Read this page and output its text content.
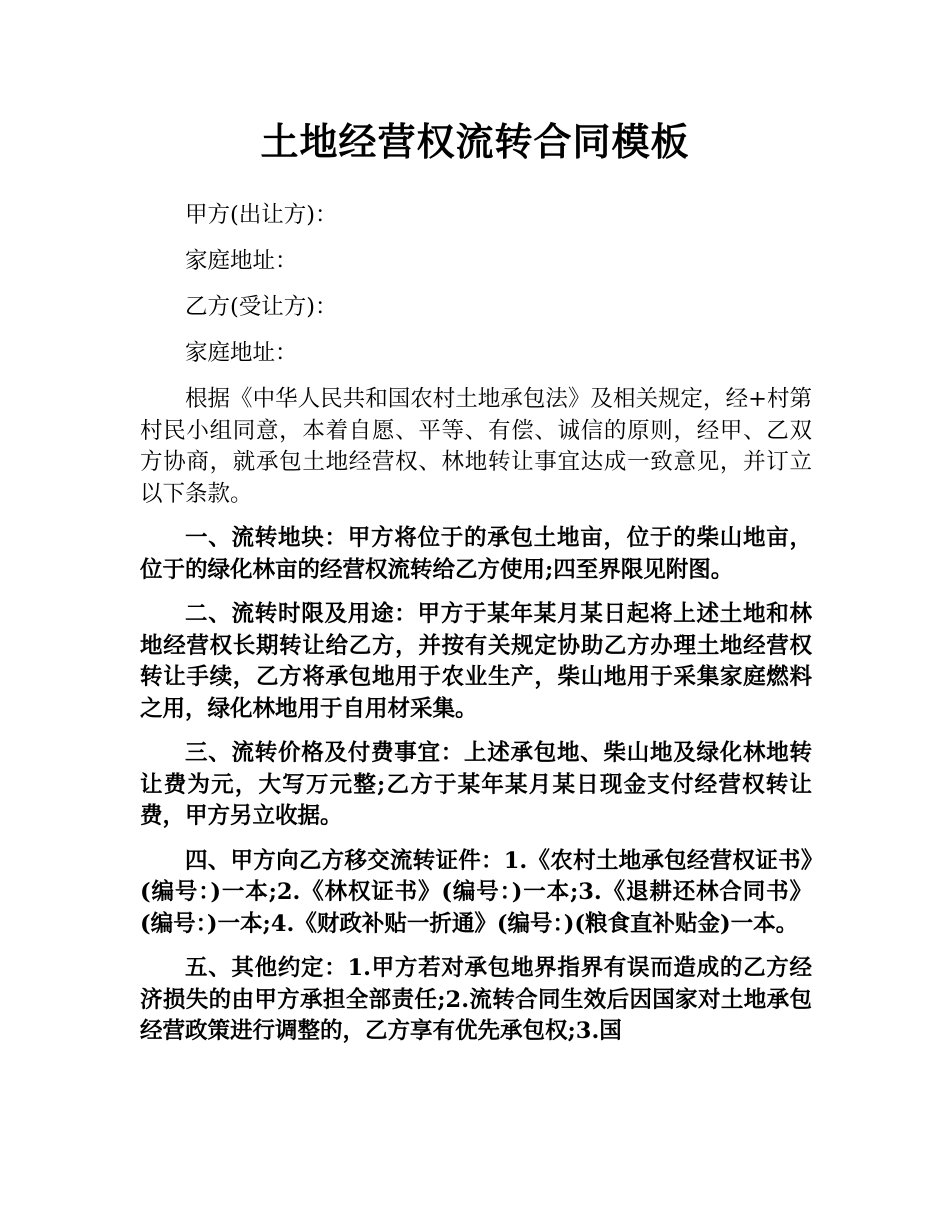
土地经营权流转合同模板

甲方(出让方)：

家庭地址：

乙方(受让方)：

家庭地址：

根据《中华人民共和国农村土地承包法》及相关规定，经+村第村民小组同意，本着自愿、平等、有偿、诚信的原则，经甲、乙双方协商，就承包土地经营权、林地转让事宜达成一致意见，并订立以下条款。

一、流转地块：甲方将位于的承包土地亩，位于的柴山地亩，位于的绿化林亩的经营权流转给乙方使用;四至界限见附图。

二、流转时限及用途：甲方于某年某月某日起将上述土地和林地经营权长期转让给乙方，并按有关规定协助乙方办理土地经营权转让手续，乙方将承包地用于农业生产，柴山地用于采集家庭燃料之用，绿化林地用于自用材采集。

三、流转价格及付费事宜：上述承包地、柴山地及绿化林地转让费为元，大写万元整;乙方于某年某月某日现金支付经营权转让费，甲方另立收据。

四、甲方向乙方移交流转证件：1.《农村土地承包经营权证书》(编号：)一本;2.《林权证书》(编号：)一本;3.《退耕还林合同书》(编号：)一本;4.《财政补贴一折通》(编号：)(粮食直补贴金)一本。

五、其他约定：1.甲方若对承包地界指界有误而造成的乙方经济损失的由甲方承担全部责任;2.流转合同生效后因国家对土地承包经营政策进行调整的，乙方享有优先承包权;3.国
